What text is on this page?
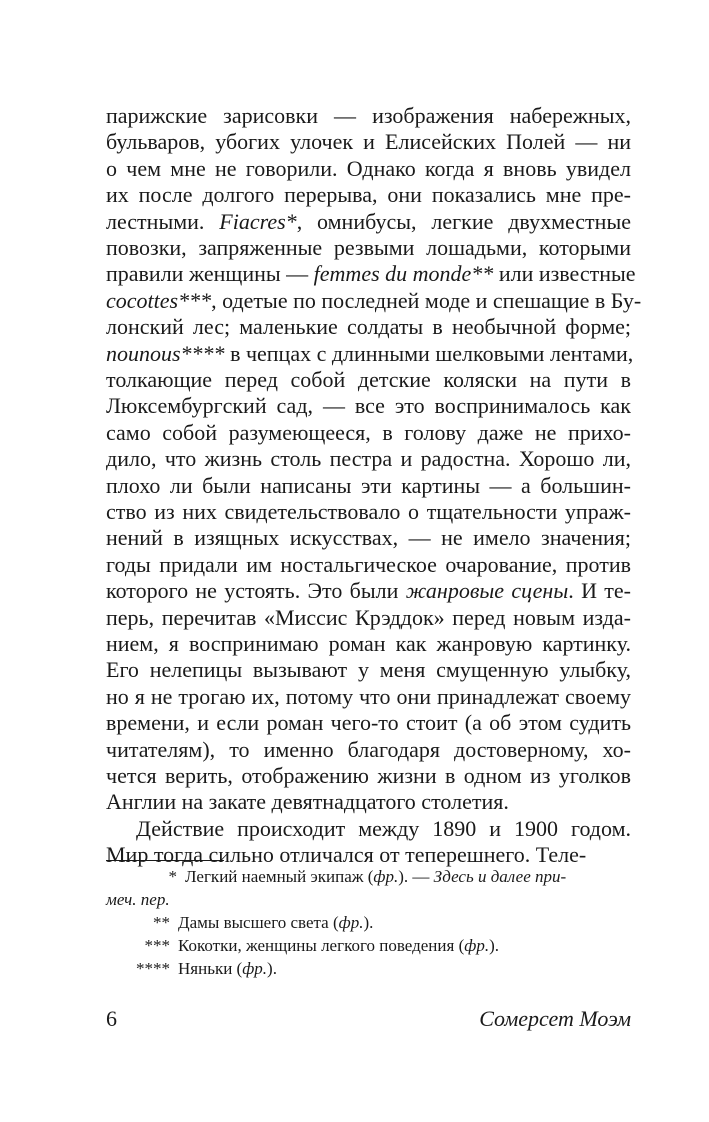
парижские зарисовки — изображения набережных,
бульваров, убогих улочек и Елисейских Полей — ни
о чем мне не говорили. Однако когда я вновь увидел
их после долгого перерыва, они показались мне пре-
лестными. Fiacres*, омнибусы, легкие двухместные
повозки, запряженные резвыми лошадьми, которыми
правили женщины — femmes du monde** или известные
cocottes***, одетые по последней моде и спешащие в Бу-
лонский лес; маленькие солдаты в необычной форме;
nounous**** в чепцах с длинными шелковыми лентами,
толкающие перед собой детские коляски на пути в
Люксембургский сад, — все это воспринималось как
само собой разумеющееся, в голову даже не прихо-
дило, что жизнь столь пестра и радостна. Хорошо ли,
плохо ли были написаны эти картины — а большин-
ство из них свидетельствовало о тщательности упраж-
нений в изящных искусствах, — не имело значения;
годы придали им ностальгическое очарование, против
которого не устоять. Это были жанровые сцены. И те-
перь, перечитав «Миссис Крэддок» перед новым изда-
нием, я воспринимаю роман как жанровую картинку.
Его нелепицы вызывают у меня смущенную улыбку,
но я не трогаю их, потому что они принадлежат своему
времени, и если роман чего-то стоит (а об этом судить
читателям), то именно благодаря достоверному, хо-
чется верить, отображению жизни в одном из уголков
Англии на закате девятнадцатого столетия.
Действие происходит между 1890 и 1900 годом.
Мир тогда сильно отличался от теперешнего. Теле-
* Легкий наемный экипаж (фр.). — Здесь и далее при-
меч. пер.
** Дамы высшего света (фр.).
*** Кокотки, женщины легкого поведения (фр.).
**** Няньки (фр.).
6	Сомерсет Моэм
